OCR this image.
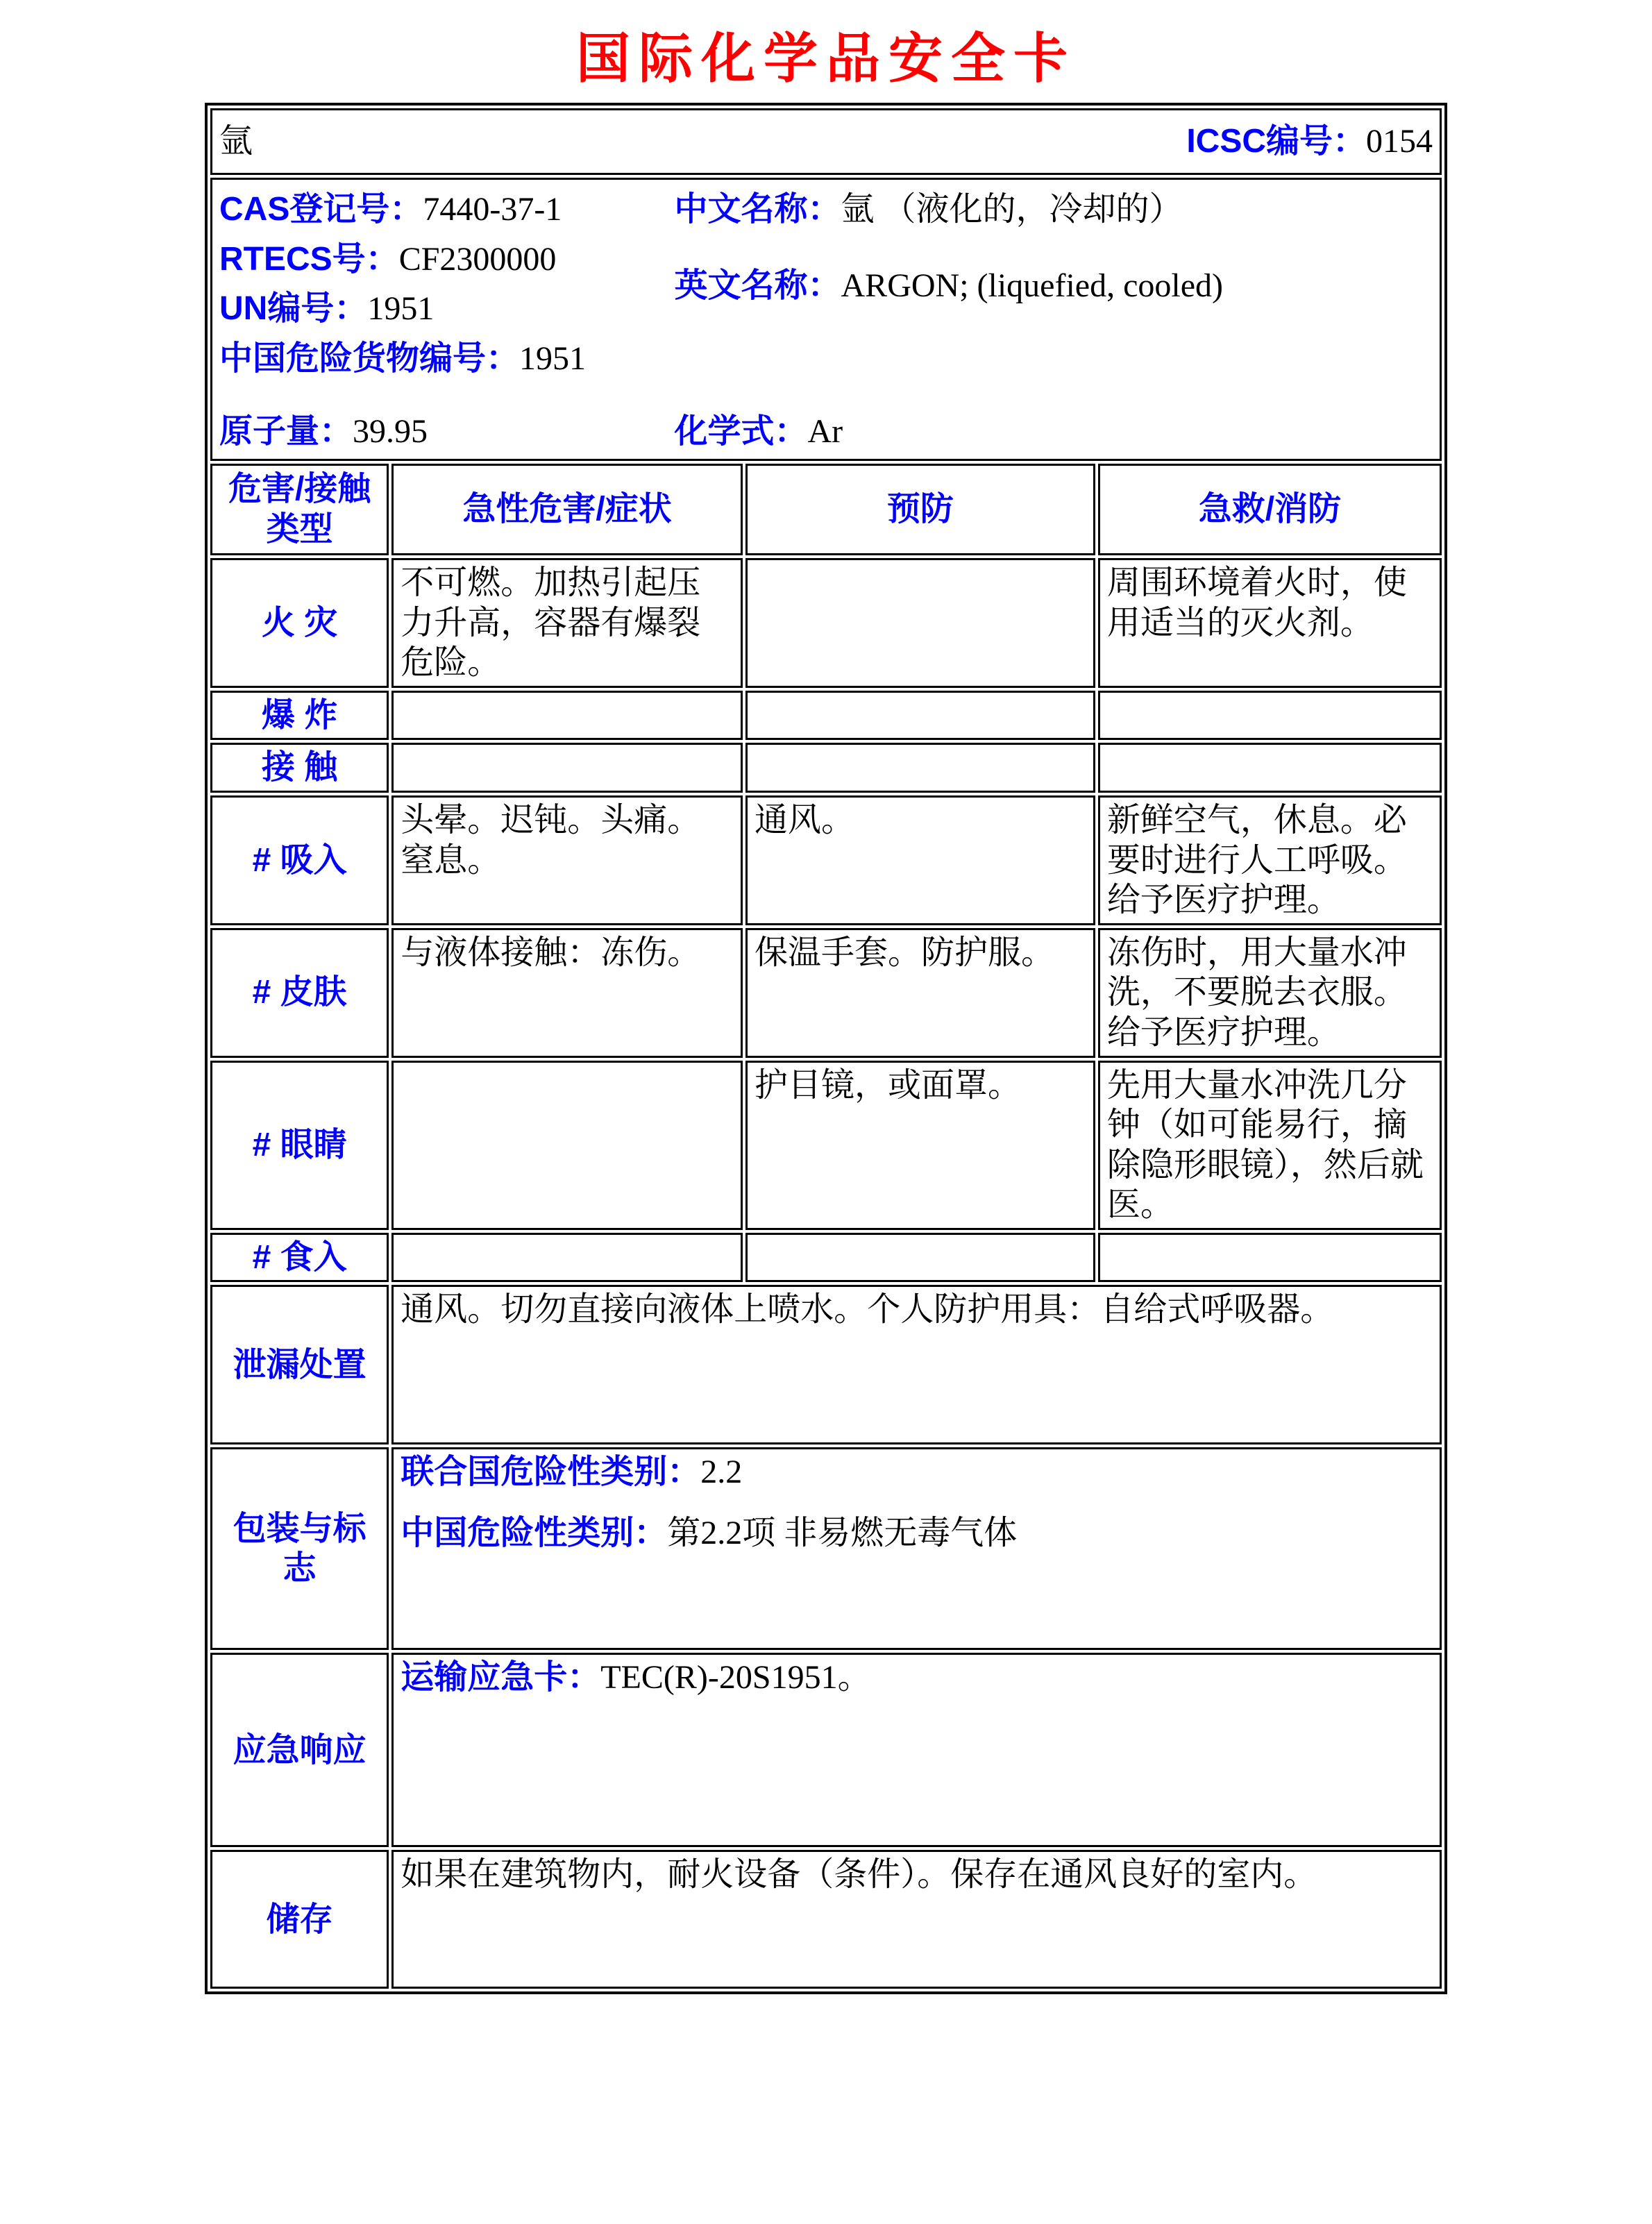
国际化学品安全卡
氩 ICSC编号：0154			

CAS登记号：7440-37-1
RTECS号：CF2300000
UN编号：1951
中国危险货物编号：1951
中文名称：氩 （液化的，冷却的）
英文名称：ARGON; (liquefied, cooled)
原子量：39.95	化学式：Ar

危害/接触
类型	急性危害/症状	预防	急救/消防
火 灾	不可燃。加热引起压力升高，容器有爆裂危险。		周围环境着火时，使用适当的灭火剂。
爆 炸			
接 触			
# 吸入	头晕。迟钝。头痛。窒息。	通风。	新鲜空气，休息。必要时进行人工呼吸。给予医疗护理。
# 皮肤	与液体接触：冻伤。	保温手套。防护服。	冻伤时，用大量水冲洗，不要脱去衣服。给予医疗护理。
# 眼睛		护目镜，或面罩。	先用大量水冲洗几分钟（如可能易行，摘除隐形眼镜），然后就医。
# 食入			
泄漏处置	通风。切勿直接向液体上喷水。个人防护用具：自给式呼吸器。		

包装与标志	联合国危险性类别：2.2
中国危险性类别：第2.2项 非易燃无毒气体		

应急响应	运输应急卡：TEC(R)-20S1951。		

储存	如果在建筑物内，耐火设备（条件）。保存在通风良好的室内。		
